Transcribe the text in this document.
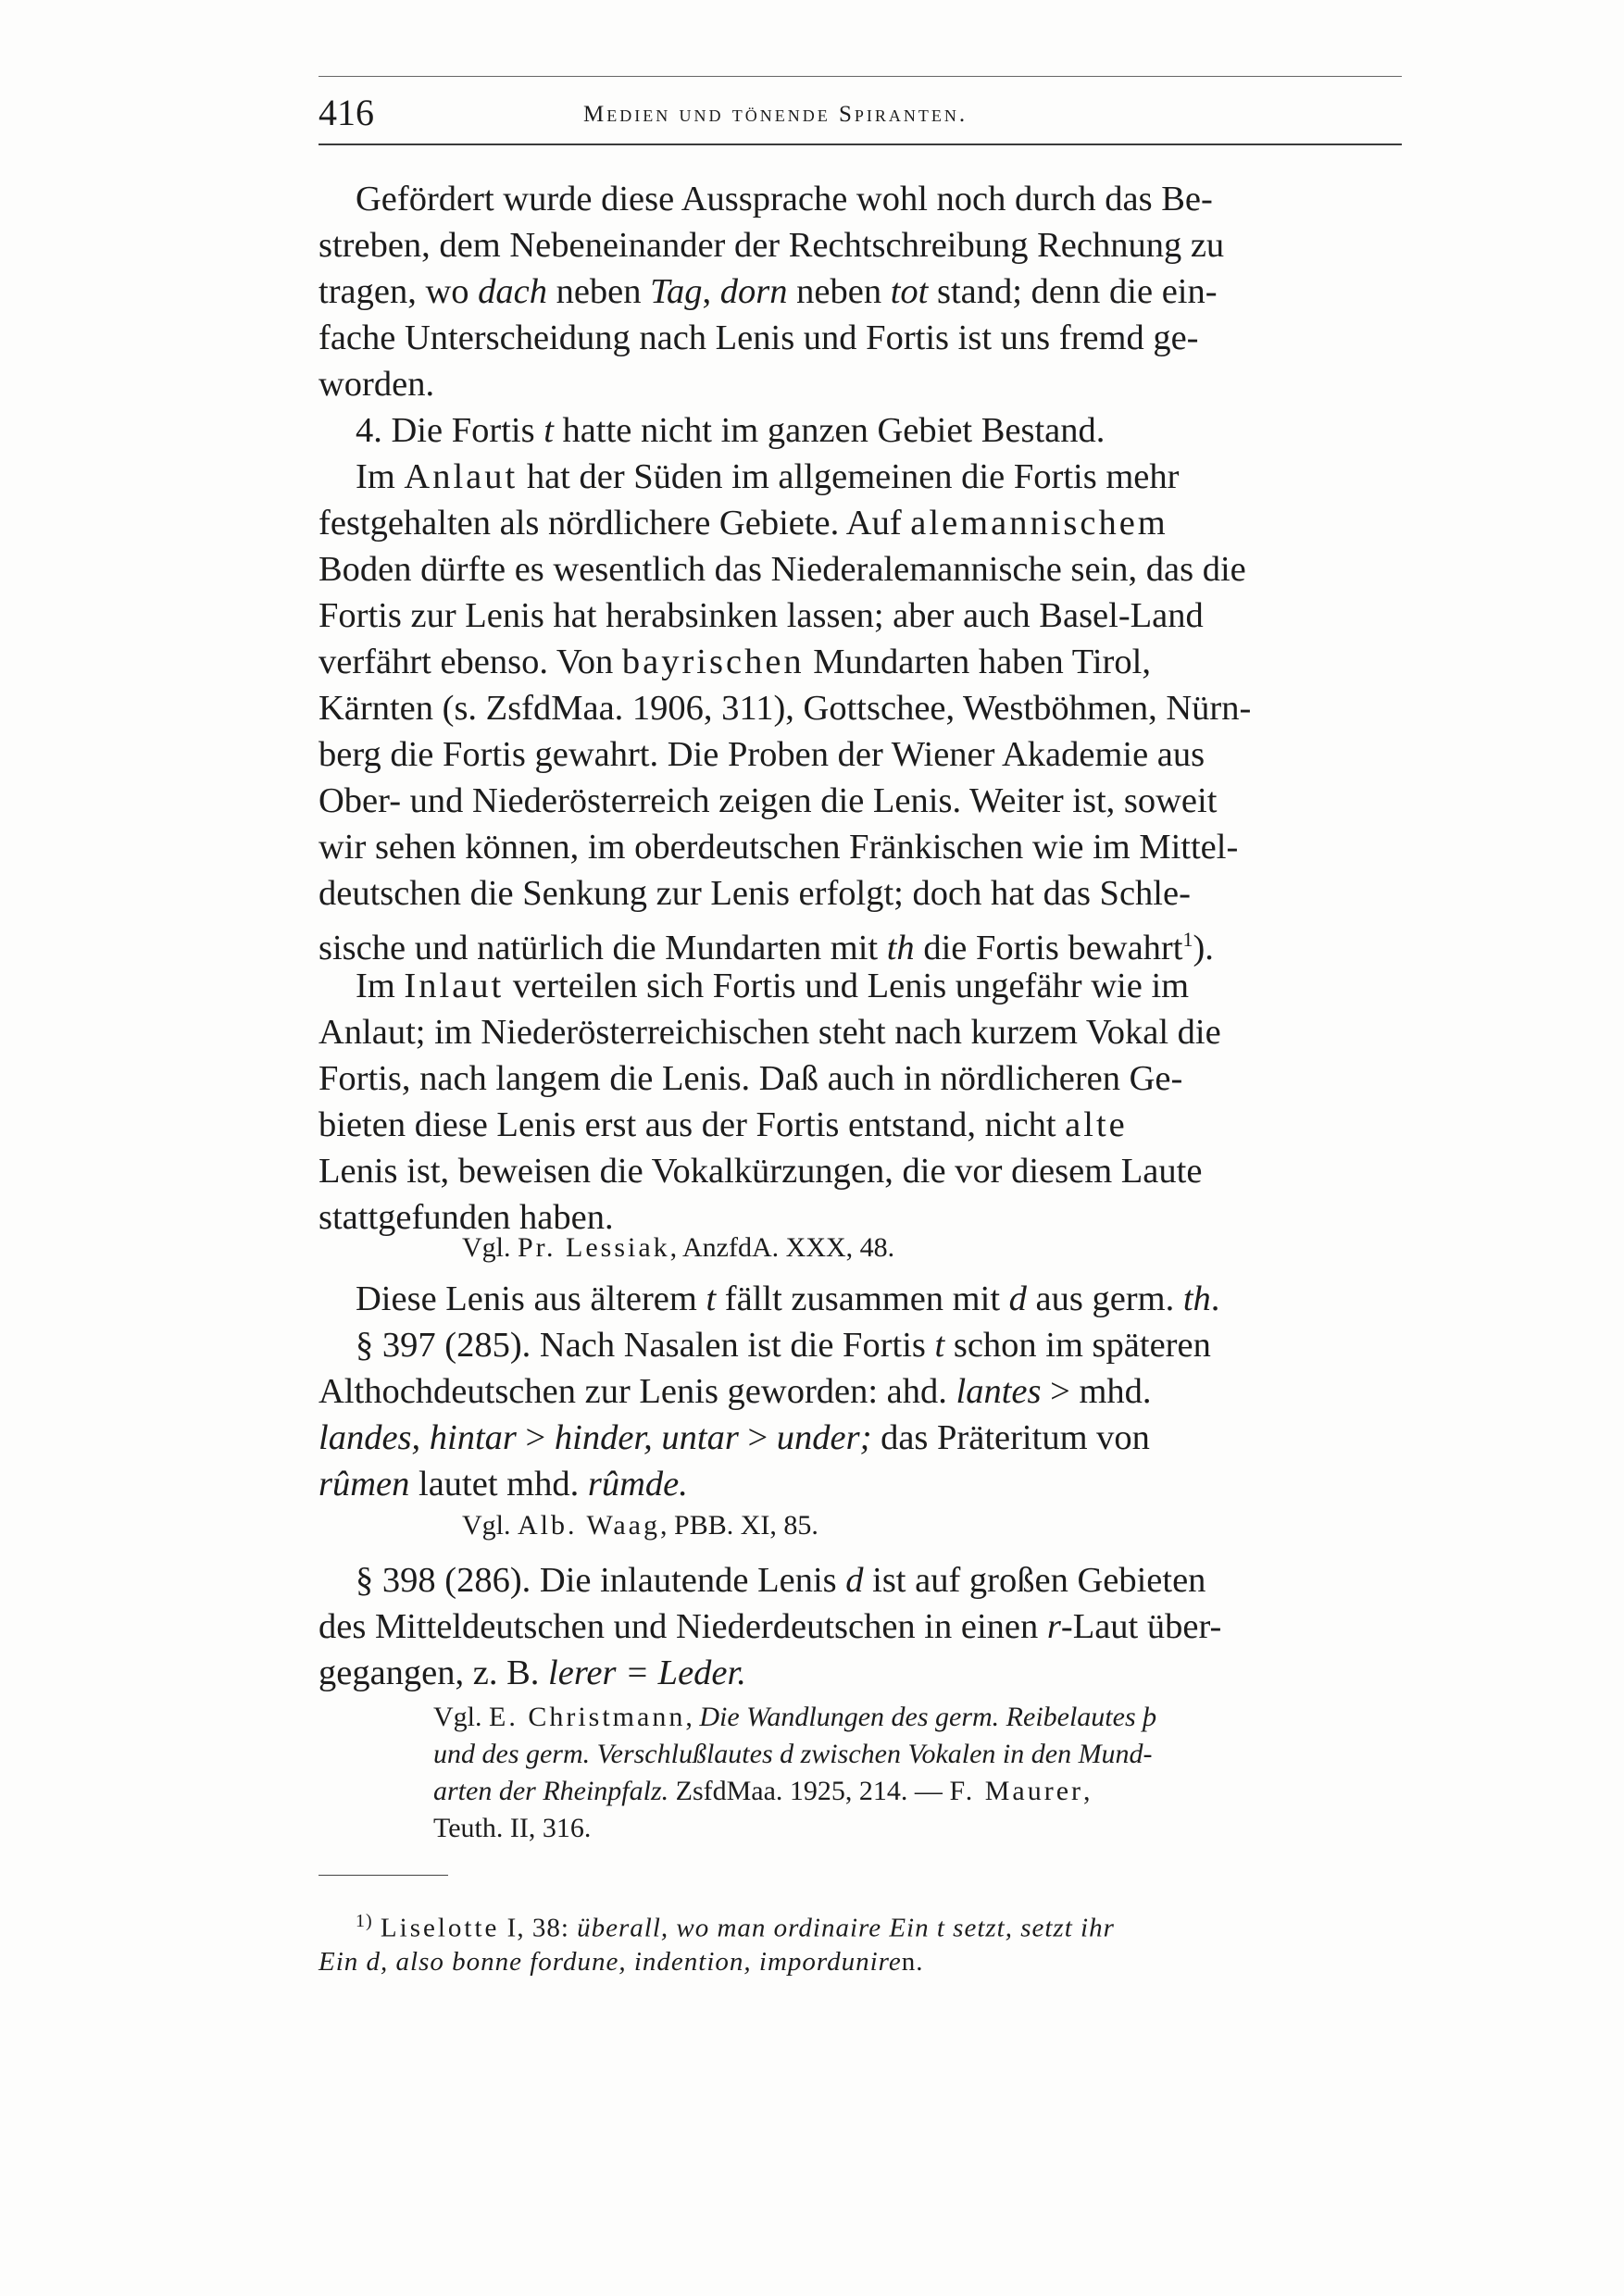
416	Medien und tönende Spiranten.
Gefördert wurde diese Aussprache wohl noch durch das Be-
streben, dem Nebeneinander der Rechtschreibung Rechnung zu
tragen, wo dach neben Tag, dorn neben tot stand; denn die ein-
fache Unterscheidung nach Lenis und Fortis ist uns fremd ge-
worden.
4. Die Fortis t hatte nicht im ganzen Gebiet Bestand.
Im Anlaut hat der Süden im allgemeinen die Fortis mehr
festgehalten als nördlichere Gebiete. Auf alemannischem
Boden dürfte es wesentlich das Niederalemannische sein, das die
Fortis zur Lenis hat herabsinken lassen; aber auch Basel-Land
verfährt ebenso. Von bayrischen Mundarten haben Tirol,
Kärnten (s. ZsfdMaa. 1906, 311), Gottschee, Westböhmen, Nürn-
berg die Fortis gewahrt. Die Proben der Wiener Akademie aus
Ober- und Niederösterreich zeigen die Lenis. Weiter ist, soweit
wir sehen können, im oberdeutschen Fränkischen wie im Mittel-
deutschen die Senkung zur Lenis erfolgt; doch hat das Schle-
sische und natürlich die Mundarten mit th die Fortis bewahrt$^1$).
Im Inlaut verteilen sich Fortis und Lenis ungefähr wie im
Anlaut; im Niederösterreichischen steht nach kurzem Vokal die
Fortis, nach langem die Lenis. Daß auch in nördlicheren Ge-
bieten diese Lenis erst aus der Fortis entstand, nicht alte
Lenis ist, beweisen die Vokalkürzungen, die vor diesem Laute
stattgefunden haben.
Vgl. Pr. Lessiak, AnzfdA. XXX, 48.
Diese Lenis aus älterem t fällt zusammen mit d aus germ. th.
§ 397 (285). Nach Nasalen ist die Fortis t schon im späteren
Althochdeutschen zur Lenis geworden: ahd. lantes > mhd.
landes, hintar > hinder, untar > under; das Präteritum von
rûmen lautet mhd. rûmde.
Vgl. Alb. Waag, PBB. XI, 85.
§ 398 (286). Die inlautende Lenis d ist auf großen Gebieten
des Mitteldeutschen und Niederdeutschen in einen r-Laut über-
gegangen, z. B. lerer = Leder.
Vgl. E. Christmann, Die Wandlungen des germ. Reibelautes þ
und des germ. Verschlußlautes d zwischen Vokalen in den Mund-
arten der Rheinpfalz. ZsfdMaa. 1925, 214. — F. Maurer,
Teuth. II, 316.
$^{1)}$ Liselotte I, 38: überall, wo man ordinaire Ein t setzt, setzt ihr
Ein d, also bonne fordune, indention, imporduniren.
